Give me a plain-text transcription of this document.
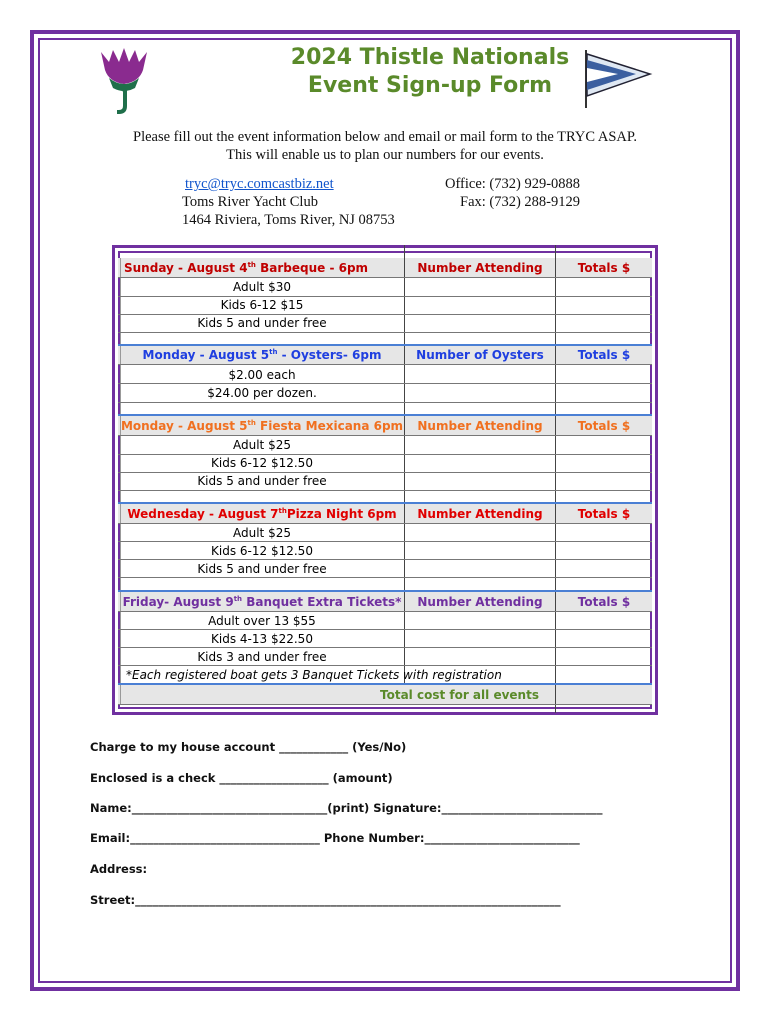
2024 Thistle Nationals
Event Sign-up Form
Please fill out the event information below and email or mail form to the TRYC ASAP.
This will enable us to plan our numbers for our events.
tryc@tryc.comcastbiz.net
Toms River Yacht Club
1464 Riviera, Toms River, NJ 08753
Office: (732) 929-0888
Fax: (732) 288-9129
Sunday - August 4th Barbeque - 6pm	Number Attending	Totals $
Adult $30
Kids 6-12 $15
Kids 5 and under free
Monday - August 5th - Oysters- 6pm	Number of Oysters	Totals $
$2.00 each
$24.00 per dozen.
Monday - August 5th Fiesta Mexicana 6pm	Number Attending	Totals $
Adult $25
Kids 6-12 $12.50
Kids 5 and under free
Wednesday - August 7thPizza Night 6pm	Number Attending	Totals $
Adult $25
Kids 6-12 $12.50
Kids 5 and under free
Friday- August 9th Banquet Extra Tickets*	Number Attending	Totals $
Adult over 13 $55
Kids 4-13 $22.50
Kids 3 and under free
*Each registered boat gets 3 Banquet Tickets with registration
Total cost for all events
Charge to my house account ____________ (Yes/No)
Enclosed is a check ___________________ (amount)
Name:__________________________________(print) Signature:____________________________
Email:_________________________________ Phone Number:___________________________
Address:
Street:__________________________________________________________________________
